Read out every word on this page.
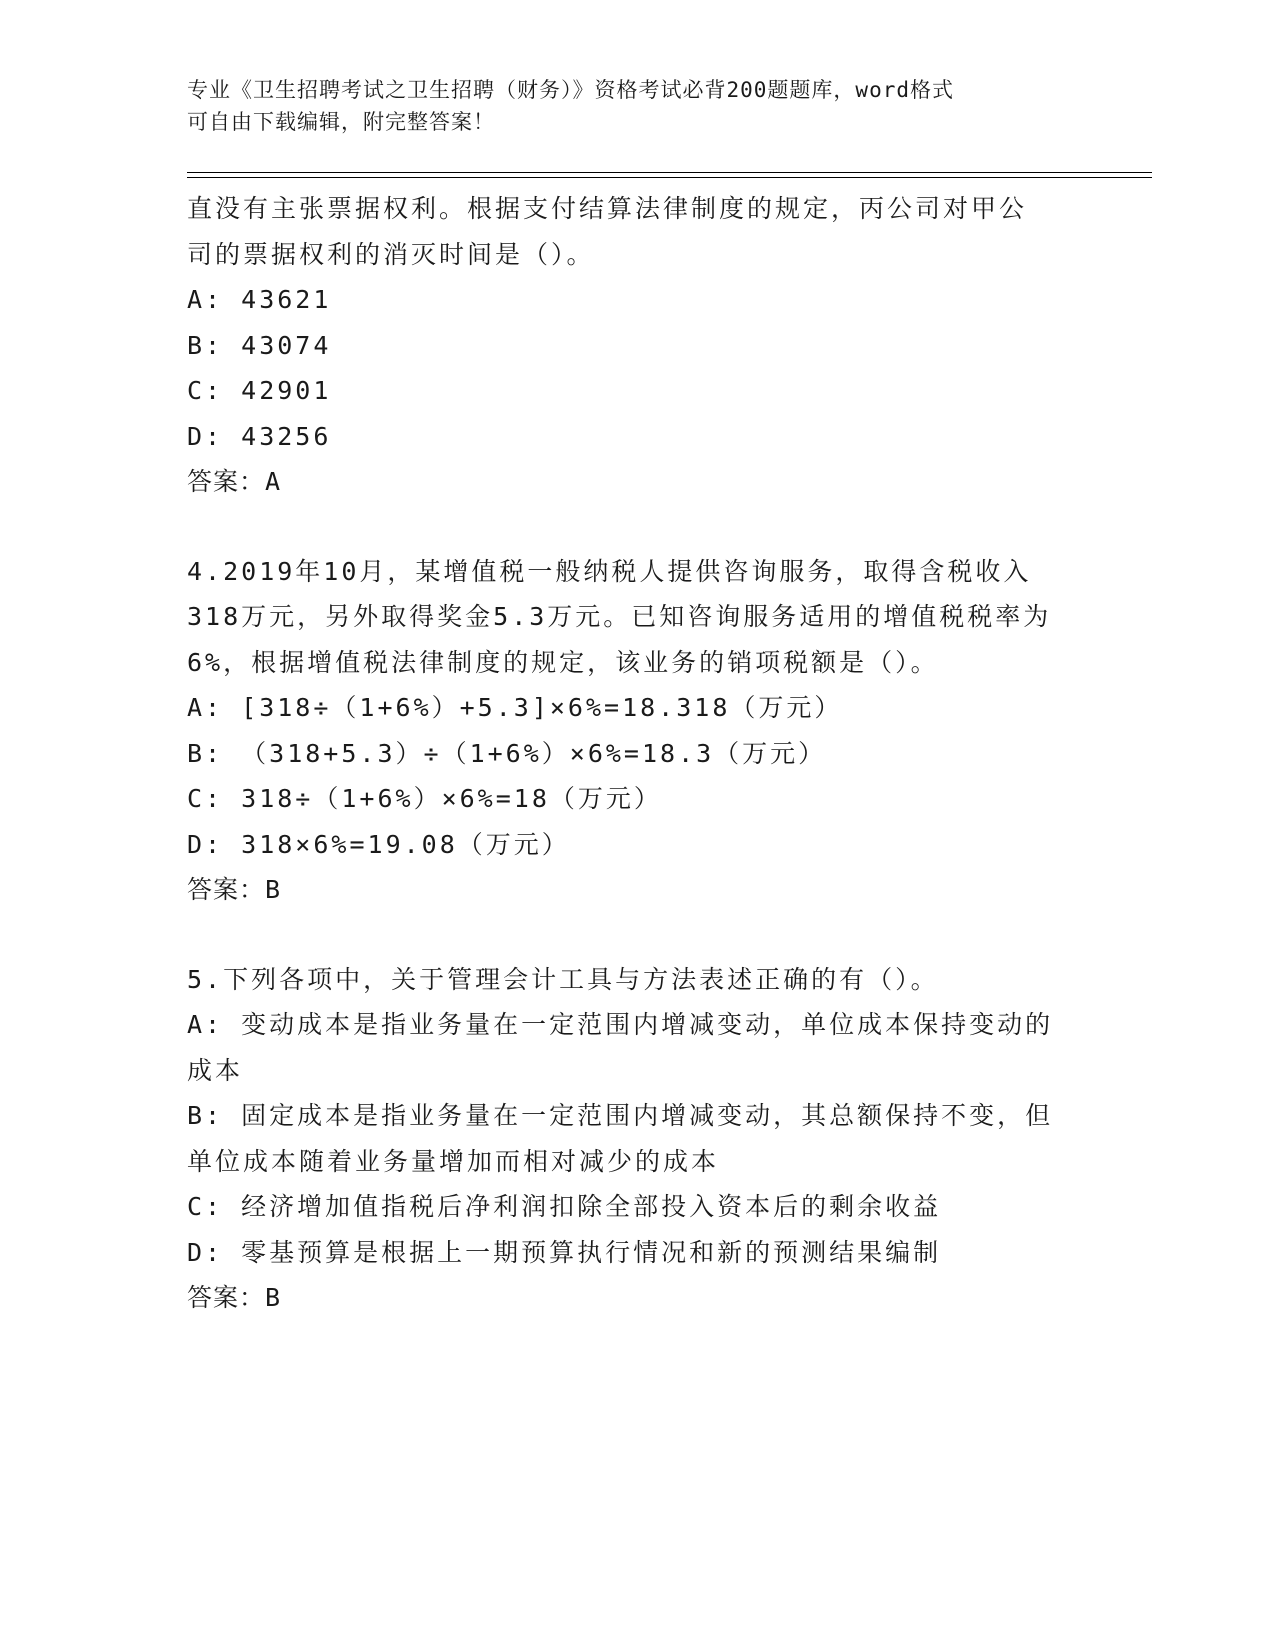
专业《卫生招聘考试之卫生招聘（财务）》资格考试必背200题题库，word格式
可自由下载编辑，附完整答案！
直没有主张票据权利。根据支付结算法律制度的规定，丙公司对甲公
司的票据权利的消灭时间是（）。
A: 43621
B: 43074
C: 42901
D: 43256
答案：A
4.2019年10月，某增值税一般纳税人提供咨询服务，取得含税收入
318万元，另外取得奖金5.3万元。已知咨询服务适用的增值税税率为
6%，根据增值税法律制度的规定，该业务的销项税额是（）。
A: [318÷（1+6%）+5.3]×6%=18.318（万元）
B: （318+5.3）÷（1+6%）×6%=18.3（万元）
C: 318÷（1+6%）×6%=18（万元）
D: 318×6%=19.08（万元）
答案：B
5.下列各项中，关于管理会计工具与方法表述正确的有（）。
A: 变动成本是指业务量在一定范围内增减变动，单位成本保持变动的
成本
B: 固定成本是指业务量在一定范围内增减变动，其总额保持不变，但
单位成本随着业务量增加而相对减少的成本
C: 经济增加值指税后净利润扣除全部投入资本后的剩余收益
D: 零基预算是根据上一期预算执行情况和新的预测结果编制
答案：B
